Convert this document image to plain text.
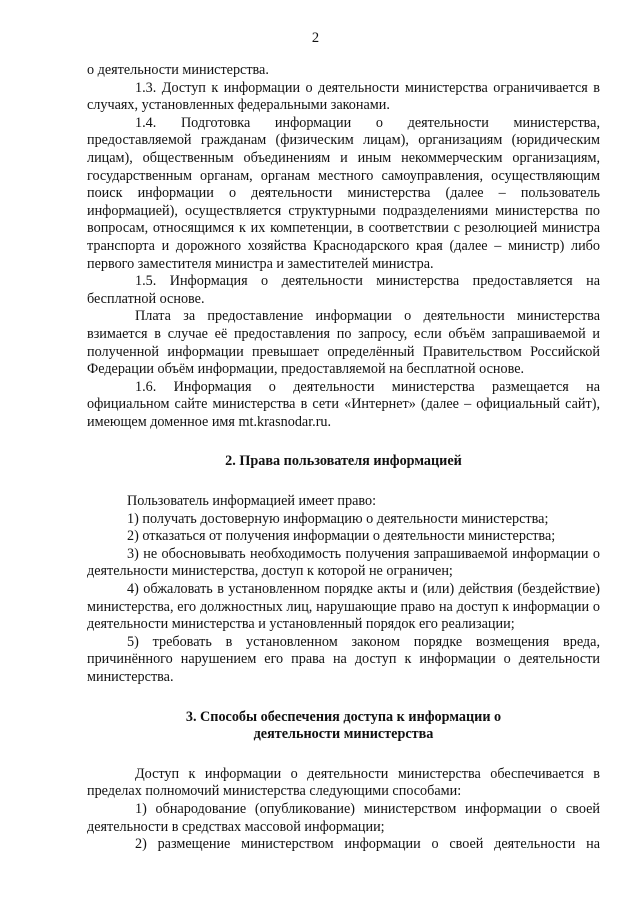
2

о деятельности министерства.

1.3. Доступ к информации о деятельности министерства ограничивается в случаях, установленных федеральными законами.

1.4. Подготовка информации о деятельности министерства, предоставляемой гражданам (физическим лицам), организациям (юридическим лицам), общественным объединениям и иным некоммерческим организациям, государственным органам, органам местного самоуправления, осуществляющим поиск информации о деятельности министерства (далее – пользователь информацией), осуществляется структурными подразделениями министерства по вопросам, относящимся к их компетенции, в соответствии с резолюцией министра транспорта и дорожного хозяйства Краснодарского края (далее – министр) либо первого заместителя министра и заместителей министра.

1.5. Информация о деятельности министерства предоставляется на бесплатной основе.

Плата за предоставление информации о деятельности министерства взимается в случае её предоставления по запросу, если объём запрашиваемой и полученной информации превышает определённый Правительством Российской Федерации объём информации, предоставляемой на бесплатной основе.

1.6. Информация о деятельности министерства размещается на официальном сайте министерства в сети «Интернет» (далее – официальный сайт), имеющем доменное имя mt.krasnodar.ru.

2. Права пользователя информацией

Пользователь информацией имеет право:

1) получать достоверную информацию о деятельности министерства;

2) отказаться от получения информации о деятельности министерства;

3) не обосновывать необходимость получения запрашиваемой информации о деятельности министерства, доступ к которой не ограничен;

4) обжаловать в установленном порядке акты и (или) действия (бездействие) министерства, его должностных лиц, нарушающие право на доступ к информации о деятельности министерства и установленный порядок его реализации;

5) требовать в установленном законом порядке возмещения вреда, причинённого нарушением его права на доступ к информации о деятельности министерства.

3. Способы обеспечения доступа к информации о
деятельности министерства

Доступ к информации о деятельности министерства обеспечивается в пределах полномочий министерства следующими способами:

1) обнародование (опубликование) министерством информации о своей деятельности в средствах массовой информации;

2) размещение министерством информации о своей деятельности на
